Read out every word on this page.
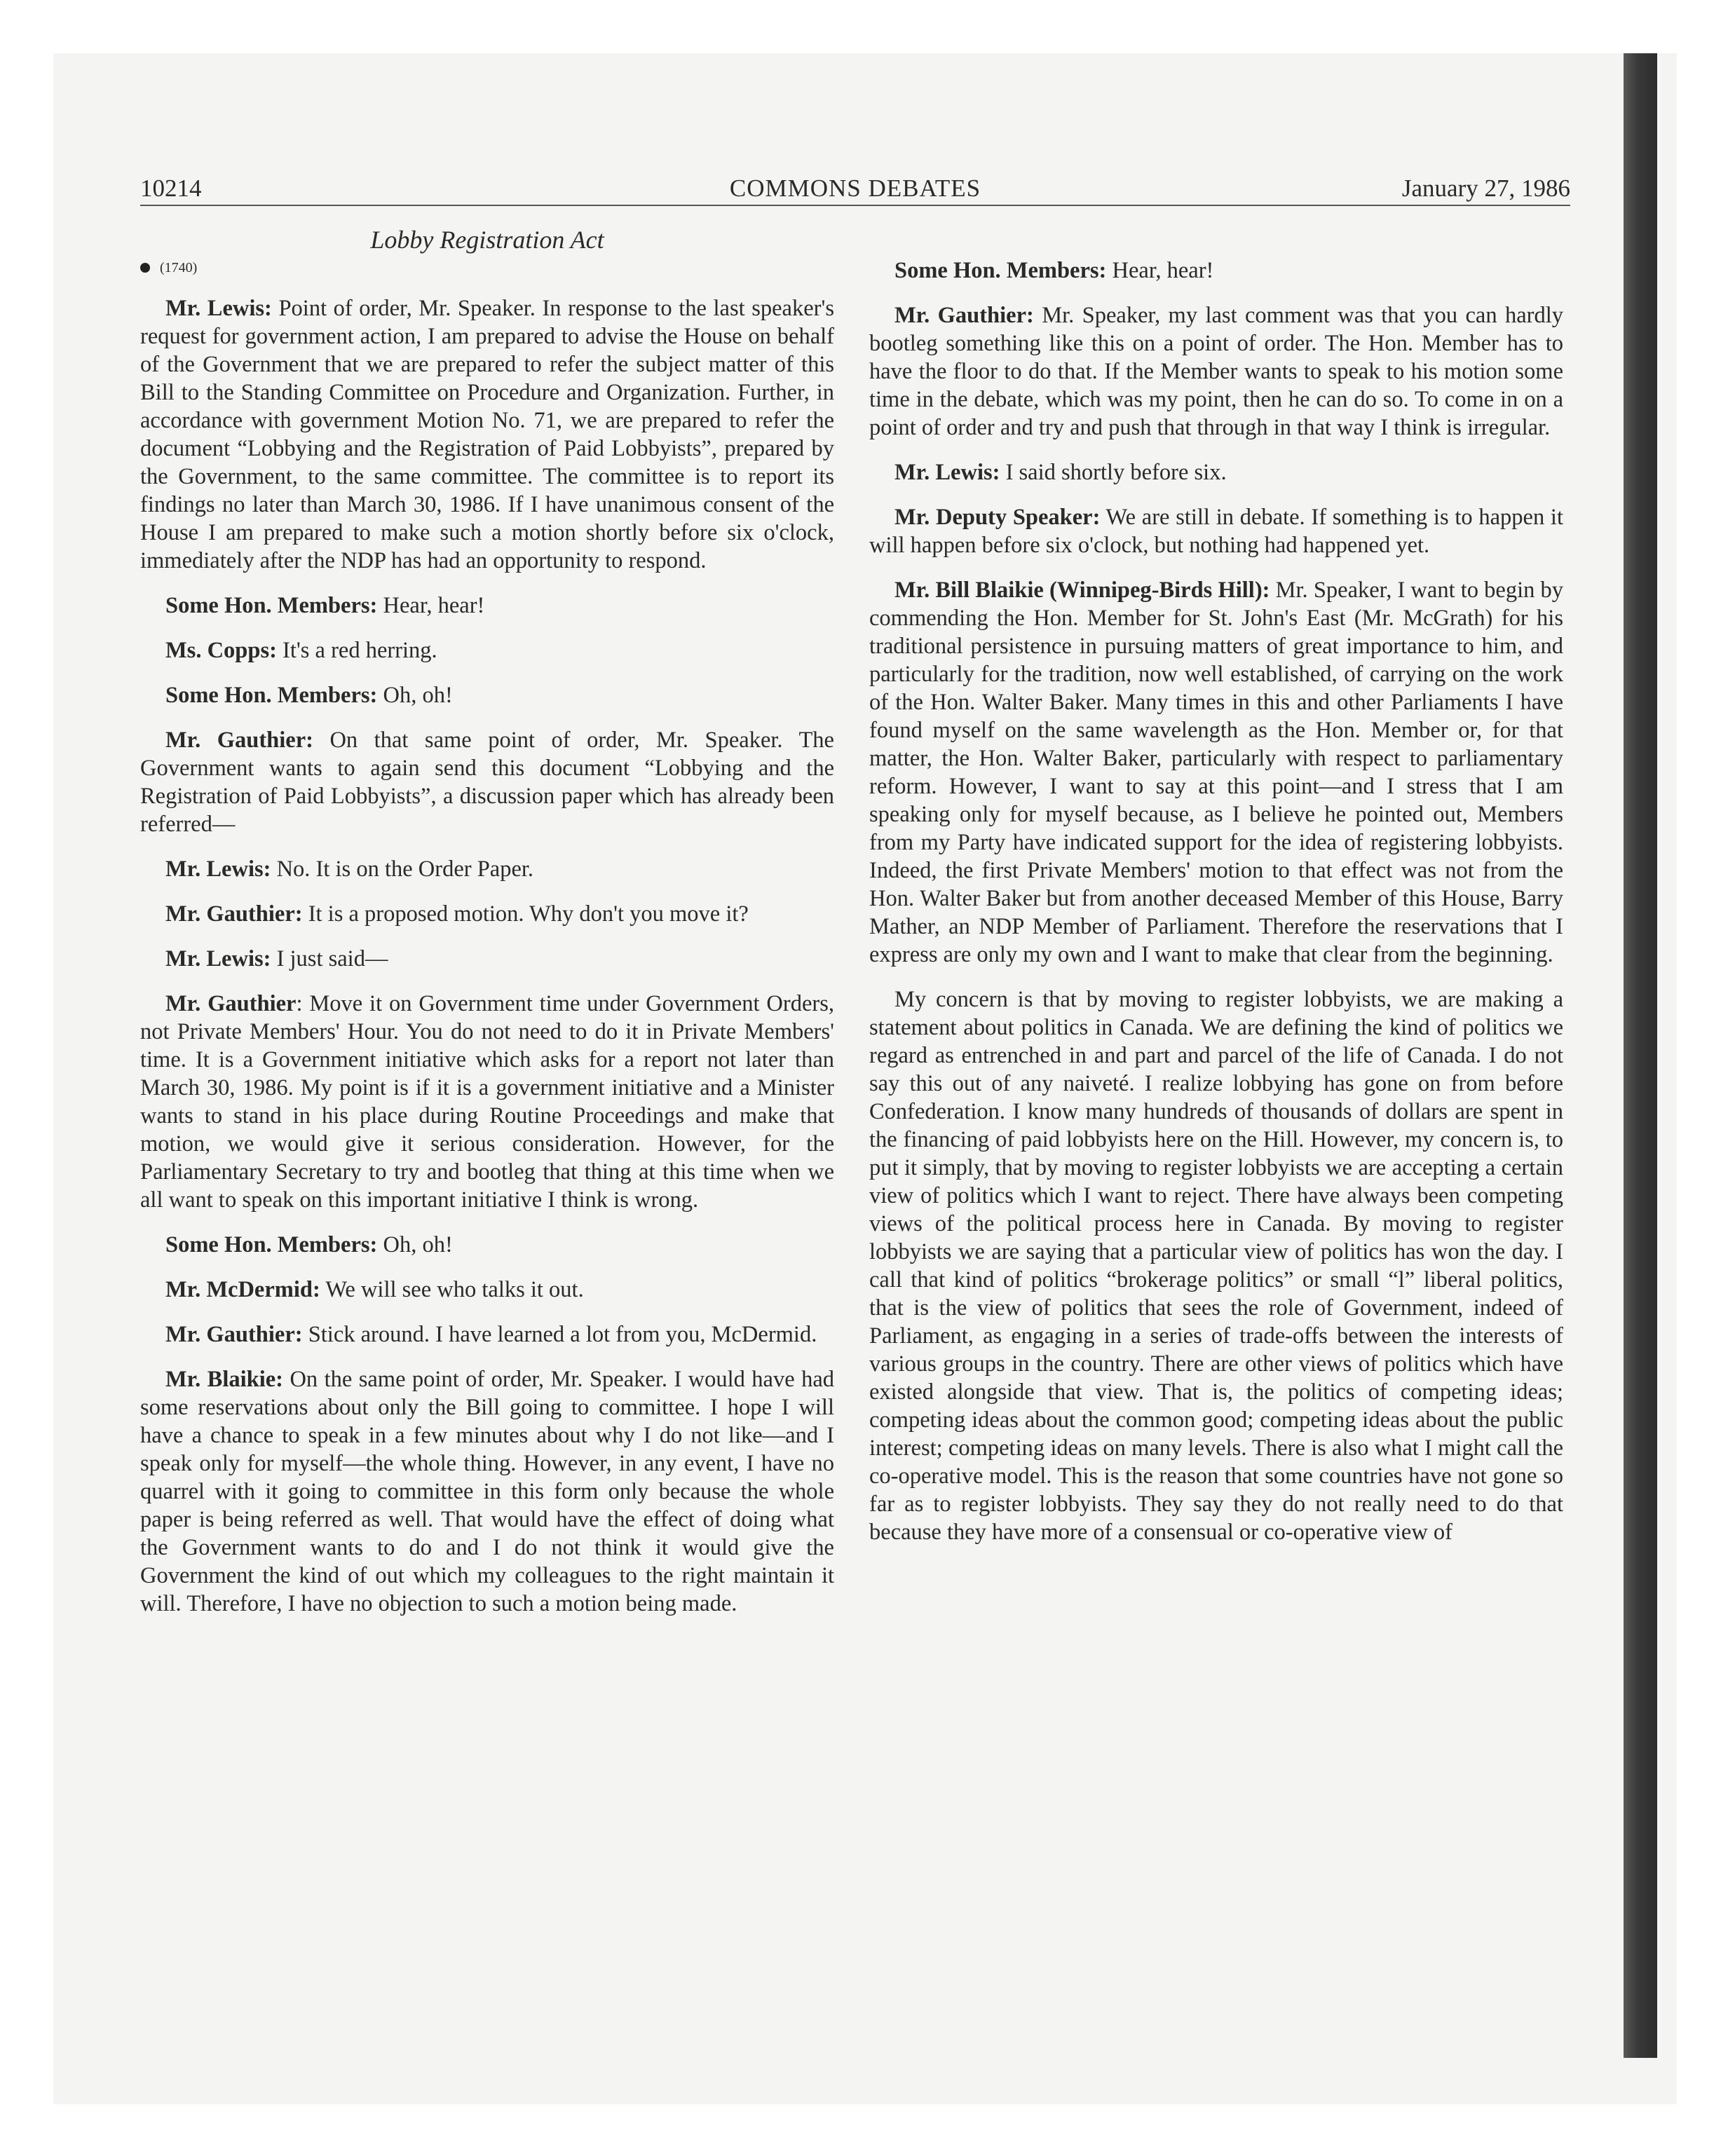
10214	COMMONS DEBATES	January 27, 1986
Lobby Registration Act
(1740)

Mr. Lewis: Point of order, Mr. Speaker. In response to the last speaker's request for government action, I am prepared to advise the House on behalf of the Government that we are prepared to refer the subject matter of this Bill to the Standing Committee on Procedure and Organization. Further, in accordance with government Motion No. 71, we are prepared to refer the document “Lobbying and the Registration of Paid Lobbyists”, prepared by the Government, to the same committee. The committee is to report its findings no later than March 30, 1986. If I have unanimous consent of the House I am prepared to make such a motion shortly before six o'clock, immediately after the NDP has had an opportunity to respond.

Some Hon. Members: Hear, hear!

Ms. Copps: It's a red herring.

Some Hon. Members: Oh, oh!

Mr. Gauthier: On that same point of order, Mr. Speaker. The Government wants to again send this document “Lobbying and the Registration of Paid Lobbyists”, a discussion paper which has already been referred—

Mr. Lewis: No. It is on the Order Paper.

Mr. Gauthier: It is a proposed motion. Why don't you move it?

Mr. Lewis: I just said—

Mr. Gauthier: Move it on Government time under Government Orders, not Private Members' Hour. You do not need to do it in Private Members' time. It is a Government initiative which asks for a report not later than March 30, 1986. My point is if it is a government initiative and a Minister wants to stand in his place during Routine Proceedings and make that motion, we would give it serious consideration. However, for the Parliamentary Secretary to try and bootleg that thing at this time when we all want to speak on this important initiative I think is wrong.

Some Hon. Members: Oh, oh!

Mr. McDermid: We will see who talks it out.

Mr. Gauthier: Stick around. I have learned a lot from you, McDermid.

Mr. Blaikie: On the same point of order, Mr. Speaker. I would have had some reservations about only the Bill going to committee. I hope I will have a chance to speak in a few minutes about why I do not like—and I speak only for myself—the whole thing. However, in any event, I have no quarrel with it going to committee in this form only because the whole paper is being referred as well. That would have the effect of doing what the Government wants to do and I do not think it would give the Government the kind of out which my colleagues to the right maintain it will. Therefore, I have no objection to such a motion being made.

Some Hon. Members: Hear, hear!

Mr. Gauthier: Mr. Speaker, my last comment was that you can hardly bootleg something like this on a point of order. The Hon. Member has to have the floor to do that. If the Member wants to speak to his motion some time in the debate, which was my point, then he can do so. To come in on a point of order and try and push that through in that way I think is irregular.

Mr. Lewis: I said shortly before six.

Mr. Deputy Speaker: We are still in debate. If something is to happen it will happen before six o'clock, but nothing had happened yet.

Mr. Bill Blaikie (Winnipeg-Birds Hill): Mr. Speaker, I want to begin by commending the Hon. Member for St. John's East (Mr. McGrath) for his traditional persistence in pursuing matters of great importance to him, and particularly for the tradition, now well established, of carrying on the work of the Hon. Walter Baker. Many times in this and other Parliaments I have found myself on the same wavelength as the Hon. Member or, for that matter, the Hon. Walter Baker, particularly with respect to parliamentary reform. However, I want to say at this point—and I stress that I am speaking only for myself because, as I believe he pointed out, Members from my Party have indicated support for the idea of registering lobbyists. Indeed, the first Private Members' motion to that effect was not from the Hon. Walter Baker but from another deceased Member of this House, Barry Mather, an NDP Member of Parliament. Therefore the reservations that I express are only my own and I want to make that clear from the beginning.

My concern is that by moving to register lobbyists, we are making a statement about politics in Canada. We are defining the kind of politics we regard as entrenched in and part and parcel of the life of Canada. I do not say this out of any naiveté. I realize lobbying has gone on from before Confederation. I know many hundreds of thousands of dollars are spent in the financing of paid lobbyists here on the Hill. However, my concern is, to put it simply, that by moving to register lobbyists we are accepting a certain view of politics which I want to reject. There have always been competing views of the political process here in Canada. By moving to register lobbyists we are saying that a particular view of politics has won the day. I call that kind of politics “brokerage politics” or small “l” liberal politics, that is the view of politics that sees the role of Government, indeed of Parliament, as engaging in a series of trade-offs between the interests of various groups in the country. There are other views of politics which have existed alongside that view. That is, the politics of competing ideas; competing ideas about the common good; competing ideas about the public interest; competing ideas on many levels. There is also what I might call the co-operative model. This is the reason that some countries have not gone so far as to register lobbyists. They say they do not really need to do that because they have more of a consensual or co-operative view of
